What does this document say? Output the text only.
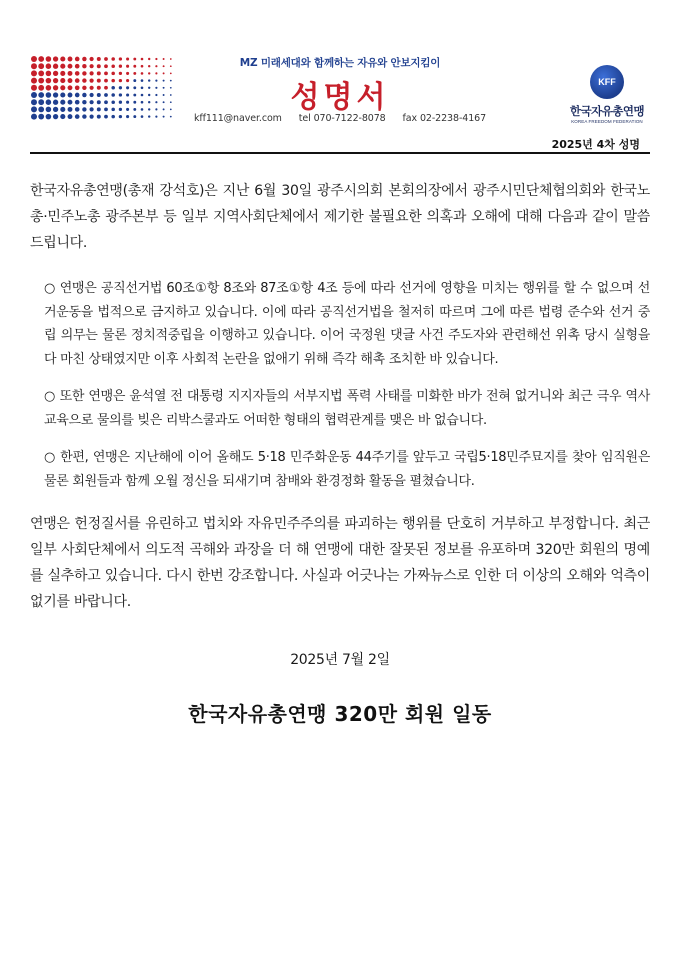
MZ 미래세대와 함께하는 자유와 안보지킴이
성명서
kff111@naver.com tel 070-7122-8078 fax 02-2238-4167
KFF
한국자유총연맹
KOREA FREEDOM FEDERATION
2025년 4차 성명

한국자유총연맹(총재 강석호)은 지난 6월 30일 광주시의회 본회의장에서 광주시민단체협의회와 한국노총·민주노총 광주본부 등 일부 지역사회단체에서 제기한 불필요한 의혹과 오해에 대해 다음과 같이 말씀드립니다.

○ 연맹은 공직선거법 60조①항 8조와 87조①항 4조 등에 따라 선거에 영향을 미치는 행위를 할 수 없으며 선거운동을 법적으로 금지하고 있습니다. 이에 따라 공직선거법을 철저히 따르며 그에 따른 법령 준수와 선거 중립 의무는 물론 정치적중립을 이행하고 있습니다. 이어 국정원 댓글 사건 주도자와 관련해선 위촉 당시 실형을 다 마친 상태였지만 이후 사회적 논란을 없애기 위해 즉각 해촉 조치한 바 있습니다.

○ 또한 연맹은 윤석열 전 대통령 지지자들의 서부지법 폭력 사태를 미화한 바가 전혀 없거니와 최근 극우 역사교육으로 물의를 빚은 리박스쿨과도 어떠한 형태의 협력관계를 맺은 바 없습니다.

○ 한편, 연맹은 지난해에 이어 올해도 5·18 민주화운동 44주기를 앞두고 국립5·18민주묘지를 찾아 임직원은 물론 회원들과 함께 오월 정신을 되새기며 참배와 환경정화 활동을 펼쳤습니다.

연맹은 헌정질서를 유린하고 법치와 자유민주주의를 파괴하는 행위를 단호히 거부하고 부정합니다. 최근 일부 사회단체에서 의도적 곡해와 과장을 더 해 연맹에 대한 잘못된 정보를 유포하며 320만 회원의 명예를 실추하고 있습니다. 다시 한번 강조합니다. 사실과 어긋나는 가짜뉴스로 인한 더 이상의 오해와 억측이 없기를 바랍니다.

2025년 7월 2일
한국자유총연맹 320만 회원 일동
